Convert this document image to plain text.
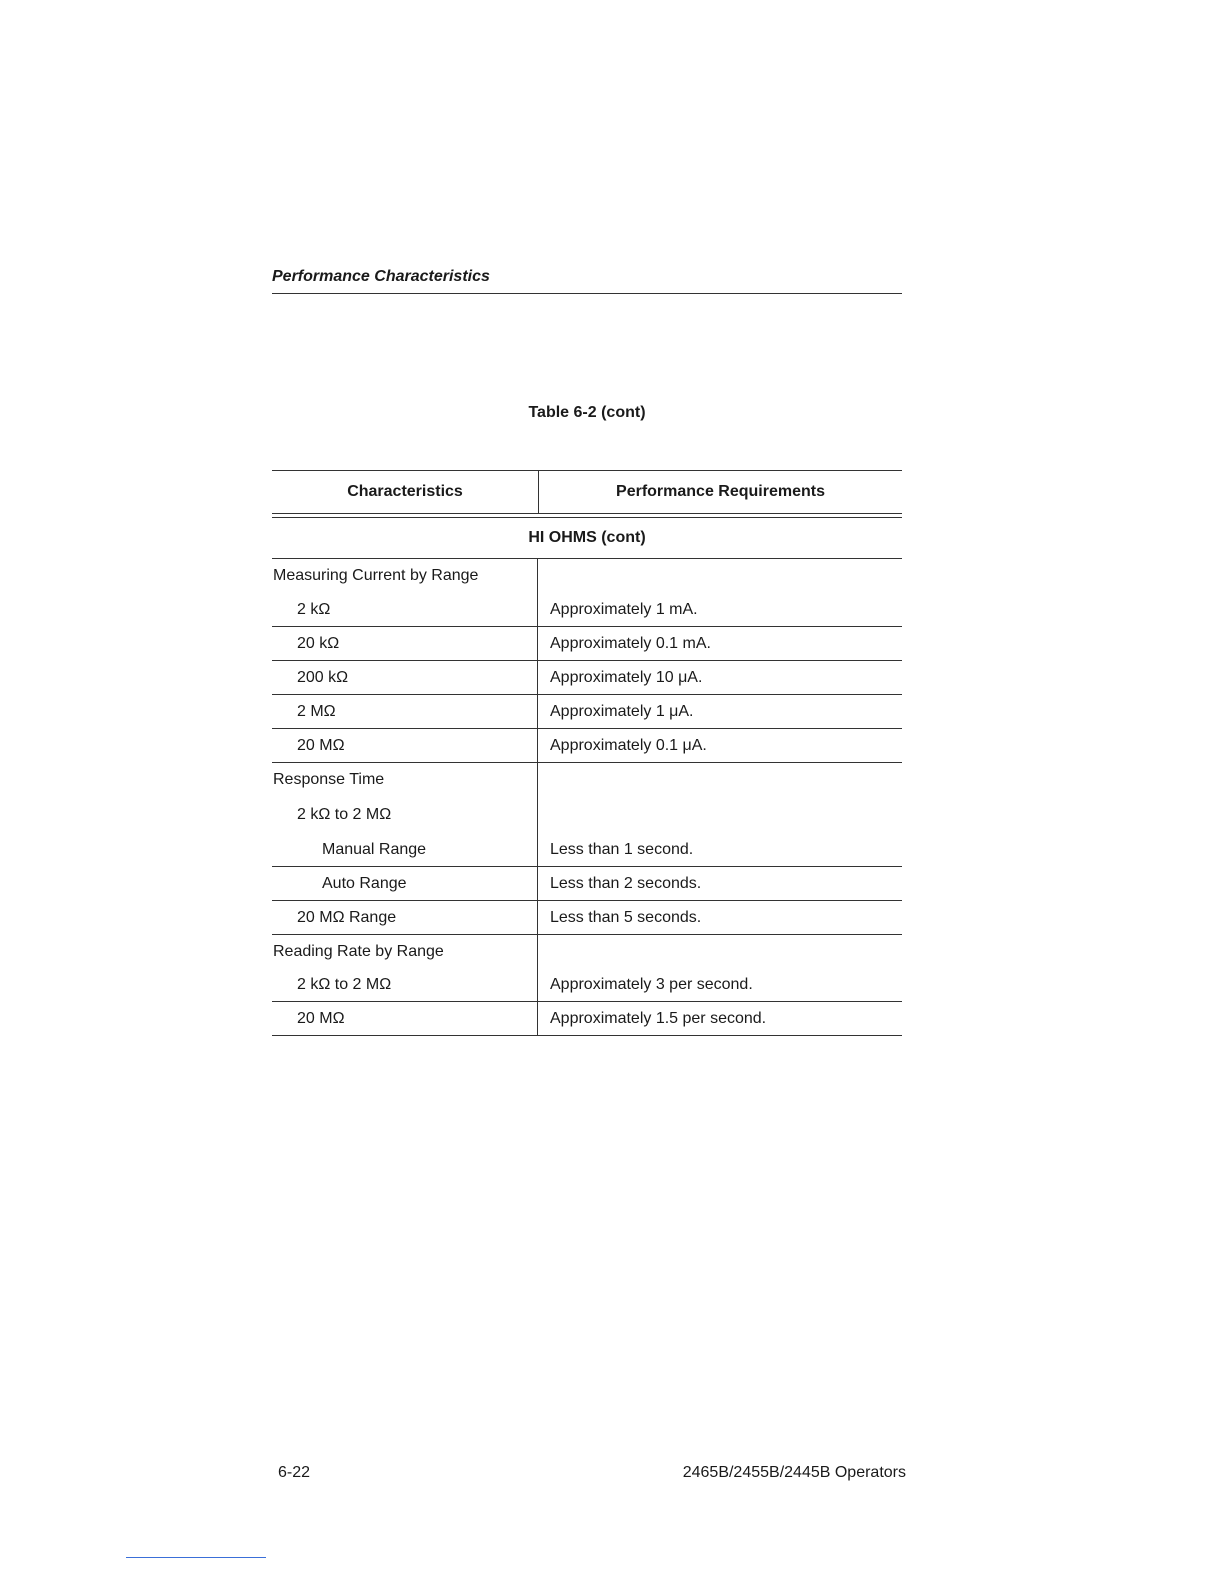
Performance Characteristics
Table 6-2 (cont)
Characteristics	Performance Requirements
HI OHMS (cont)
Measuring Current by Range
2 kΩ	Approximately 1 mA.
20 kΩ	Approximately 0.1 mA.
200 kΩ	Approximately 10 μA.
2 MΩ	Approximately 1 μA.
20 MΩ	Approximately 0.1 μA.
Response Time
2 kΩ to 2 MΩ
Manual Range	Less than 1 second.
Auto Range	Less than 2 seconds.
20 MΩ Range	Less than 5 seconds.
Reading Rate by Range
2 kΩ to 2 MΩ	Approximately 3 per second.
20 MΩ	Approximately 1.5 per second.
6-22	2465B/2455B/2445B Operators
